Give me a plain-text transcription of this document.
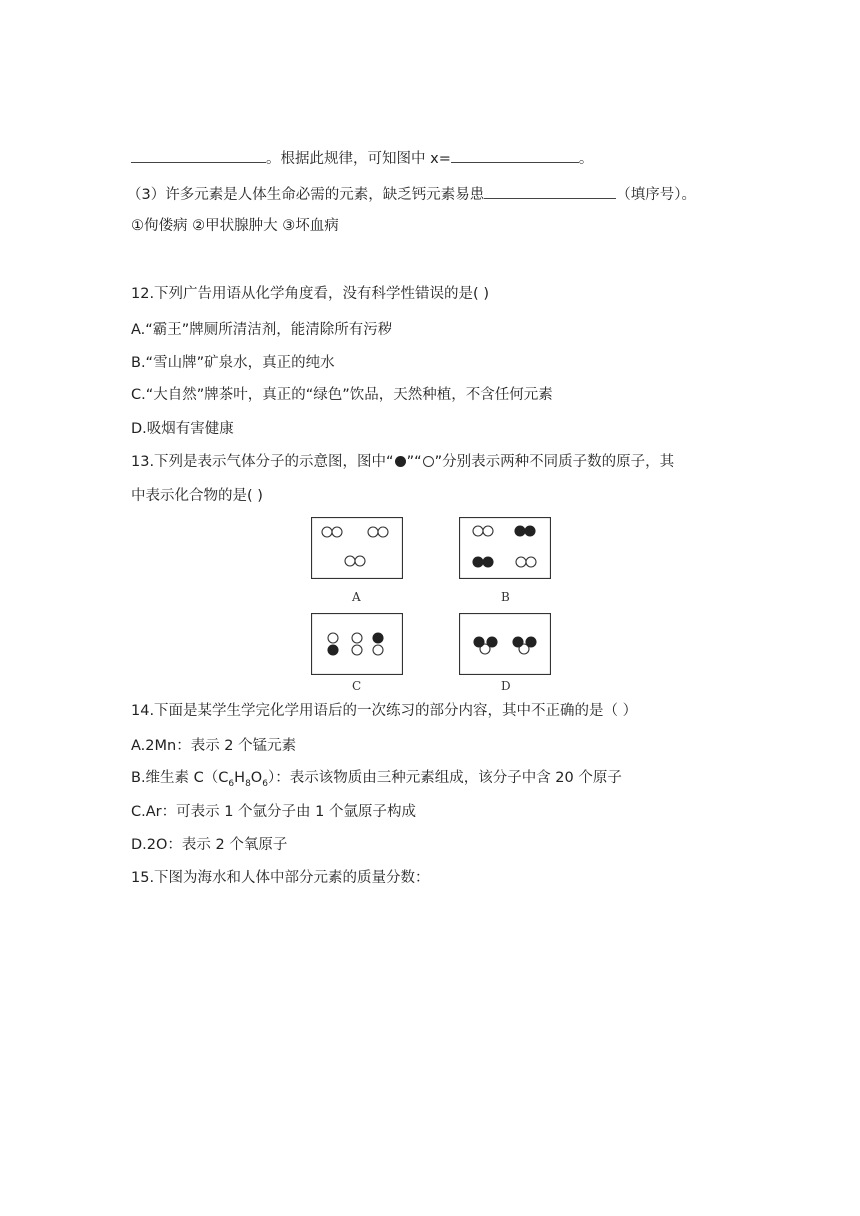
。根据此规律，可知图中 x=	。
（3）许多元素是人体生命必需的元素，缺乏钙元素易患	（填序号）。
①佝偻病 ②甲状腺肿大 ③坏血病
12.下列广告用语从化学角度看，没有科学性错误的是( )
A.“霸王”牌厕所清洁剂，能清除所有污秽
B.“雪山牌”矿泉水，真正的纯水
C.“大自然”牌茶叶，真正的“绿色”饮品，天然种植，不含任何元素
D.吸烟有害健康
13.下列是表示气体分子的示意图，图中“ ”“ ”分别表示两种不同质子数的原子，其
中表示化合物的是( )
A	B
C	D
14.下面是某学生学完化学用语后的一次练习的部分内容，其中不正确的是（ ）
A.2Mn：表示 2 个锰元素
B.维生素 $C(C_6H_8O_6)$：表示该物质由三种元素组成，该分子中含 20 个原子
C.Ar：可表示 1 个氩分子由 1 个氩原子构成
D.2O：表示 2 个氧原子
15.下图为海水和人体中部分元素的质量分数：
